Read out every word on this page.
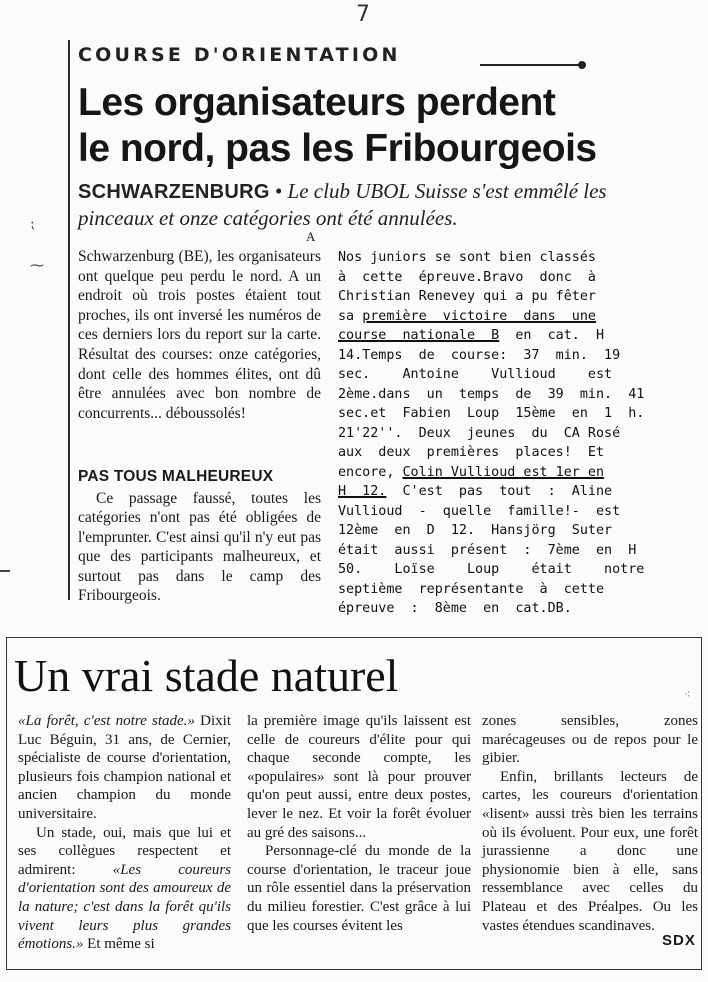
7
⁏
⁓
COURSE D'ORIENTATION
Les organisateurs perdent
le nord, pas les Fribourgeois
SCHWARZENBURG • Le club UBOL Suisse s'est emmêlé les pinceaux et onze catégories ont été annulées.
A

Schwarzenburg (BE), les organisateurs ont quelque peu perdu le nord. A un endroit où trois postes étaient tout proches, ils ont inversé les numéros de ces derniers lors du report sur la carte. Résultat des courses: onze catégories, dont celle des hommes élites, ont dû être annulées avec bon nombre de concurrents... déboussolés!

PAS TOUS MALHEUREUX
Ce passage faussé, toutes les catégories n'ont pas été obligées de l'emprunter. C'est ainsi qu'il n'y eut pas que des participants malheureux, et surtout pas dans le camp des Fribourgeois.
Nos juniors se sont bien classés
à  cette  épreuve.Bravo  donc  à
Christian Renevey qui a pu fêter
sa première  victoire  dans  une
course  nationale  B  en  cat.  H
14.Temps  de  course:  37  min.  19
sec.    Antoine    Vullioud    est
2ème.dans  un  temps  de  39  min.  41
sec.et  Fabien  Loup  15ème  en  1  h.
21'22''.  Deux  jeunes  du  CA Rosé
aux  deux  premières  places!  Et
encore, Colin Vullioud est 1er en
H  12.  C'est  pas  tout  :  Aline
Vullioud  -  quelle  famille!-  est
12ème  en  D  12.  Hansjörg  Suter
était  aussi  présent  :  7ème  en  H
50.    Loïse    Loup    était    notre
septième  représentante  à  cette
épreuve  :  8ème  en  cat.DB.
Un vrai stade naturel	⁖

«La forêt, c'est notre stade.» Dixit Luc Béguin, 31 ans, de Cernier, spécialiste de course d'orientation, plusieurs fois champion national et ancien champion du monde universitaire.

Un stade, oui, mais que lui et ses collègues respectent et admirent: «Les coureurs d'orientation sont des amoureux de la nature; c'est dans la forêt qu'ils vivent leurs plus grandes émotions.» Et même si

la première image qu'ils laissent est celle de coureurs d'élite pour qui chaque seconde compte, les «populaires» sont là pour prouver qu'on peut aussi, entre deux postes, lever le nez. Et voir la forêt évoluer au gré des saisons...

Personnage-clé du monde de la course d'orientation, le traceur joue un rôle essentiel dans la préservation du milieu forestier. C'est grâce à lui que les courses évitent les

zones sensibles, zones marécageuses ou de repos pour le gibier.

Enfin, brillants lecteurs de cartes, les coureurs d'orientation «lisent» aussi très bien les terrains où ils évoluent. Pour eux, une forêt jurassienne a donc une physionomie bien à elle, sans ressemblance avec celles du Plateau et des Préalpes. Ou les vastes étendues scandinaves.

SDX
